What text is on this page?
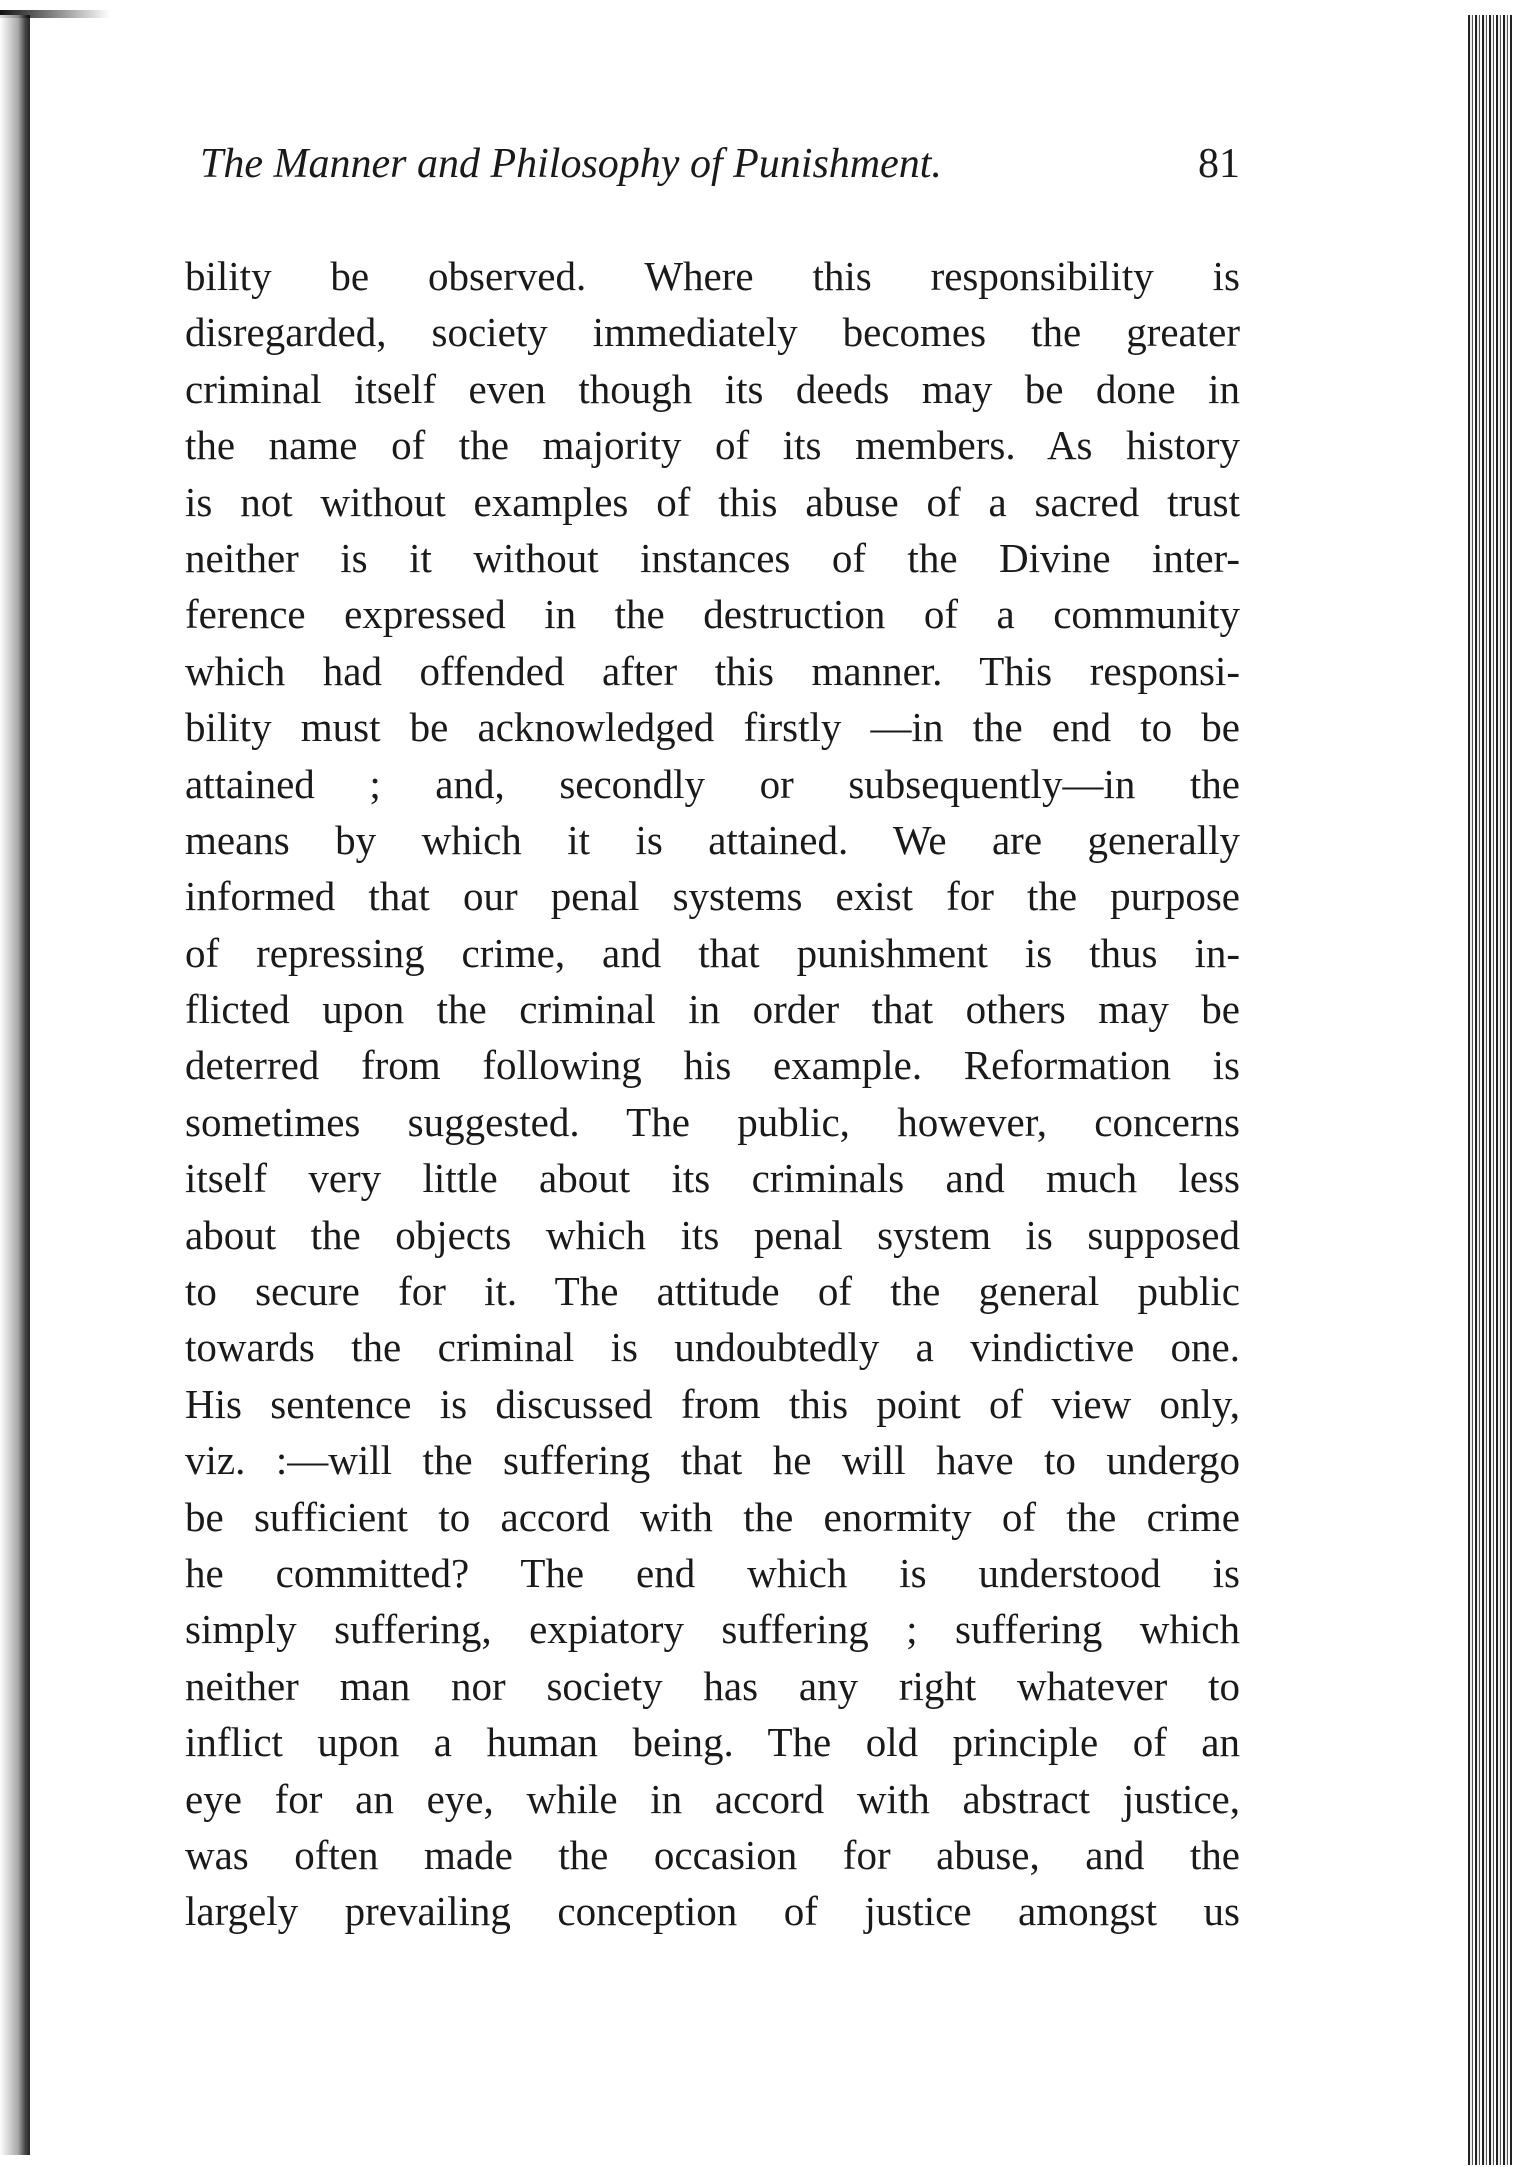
The Manner and Philosophy of Punishment.	81
bility be observed. Where this responsibility is
disregarded, society immediately becomes the greater
criminal itself even though its deeds may be done in
the name of the majority of its members. As history
is not without examples of this abuse of a sacred trust
neither is it without instances of the Divine inter-
ference expressed in the destruction of a community
which had offended after this manner. This responsi-
bility must be acknowledged firstly —in the end to be
attained ; and, secondly or subsequently—in the
means by which it is attained. We are generally
informed that our penal systems exist for the purpose
of repressing crime, and that punishment is thus in-
flicted upon the criminal in order that others may be
deterred from following his example. Reformation is
sometimes suggested. The public, however, concerns
itself very little about its criminals and much less
about the objects which its penal system is supposed
to secure for it. The attitude of the general public
towards the criminal is undoubtedly a vindictive one.
His sentence is discussed from this point of view only,
viz. :—will the suffering that he will have to undergo
be sufficient to accord with the enormity of the crime
he committed? The end which is understood is
simply suffering, expiatory suffering ; suffering which
neither man nor society has any right whatever to
inflict upon a human being. The old principle of an
eye for an eye, while in accord with abstract justice,
was often made the occasion for abuse, and the
largely prevailing conception of justice amongst us
